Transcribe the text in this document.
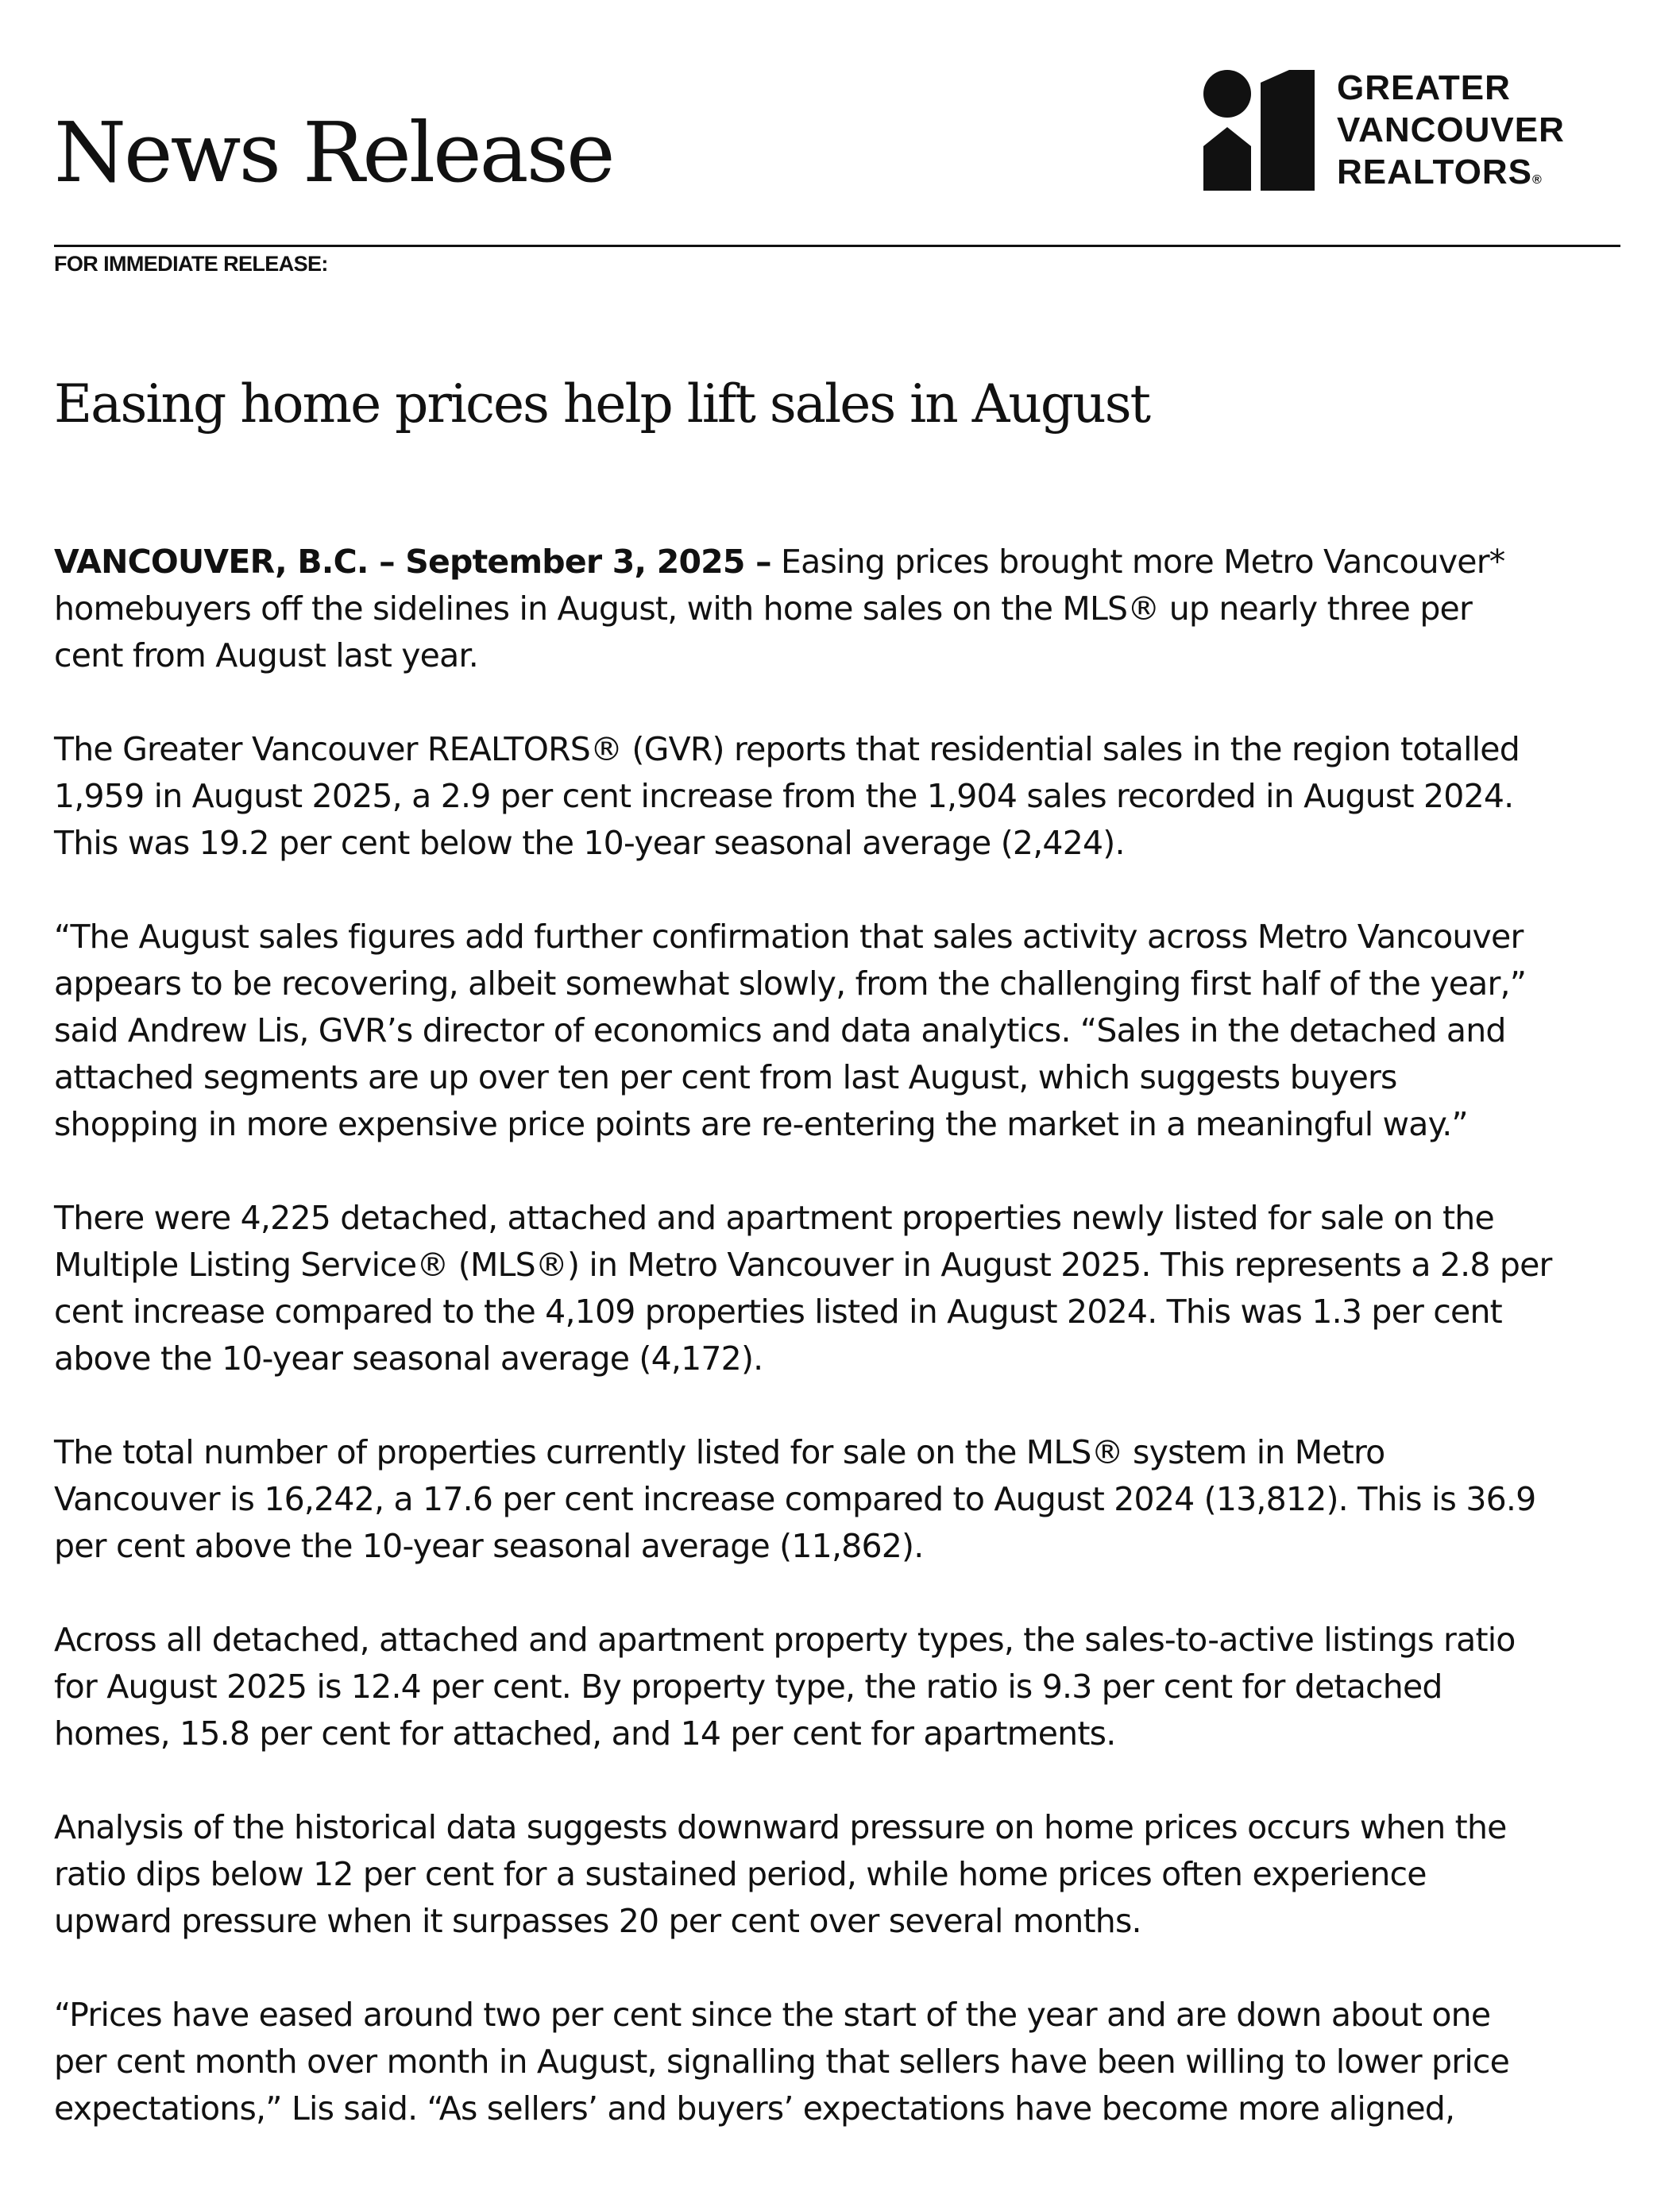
News Release
GREATER
VANCOUVER
REALTORS®
FOR IMMEDIATE RELEASE:
Easing home prices help lift sales in August
VANCOUVER, B.C. – September 3, 2025 – Easing prices brought more Metro Vancouver*
homebuyers off the sidelines in August, with home sales on the MLS® up nearly three per
cent from August last year.
The Greater Vancouver REALTORS® (GVR) reports that residential sales in the region totalled
1,959 in August 2025, a 2.9 per cent increase from the 1,904 sales recorded in August 2024.
This was 19.2 per cent below the 10-year seasonal average (2,424).
“The August sales figures add further confirmation that sales activity across Metro Vancouver
appears to be recovering, albeit somewhat slowly, from the challenging first half of the year,”
said Andrew Lis, GVR’s director of economics and data analytics. “Sales in the detached and
attached segments are up over ten per cent from last August, which suggests buyers
shopping in more expensive price points are re-entering the market in a meaningful way.”
There were 4,225 detached, attached and apartment properties newly listed for sale on the
Multiple Listing Service® (MLS®) in Metro Vancouver in August 2025. This represents a 2.8 per
cent increase compared to the 4,109 properties listed in August 2024. This was 1.3 per cent
above the 10-year seasonal average (4,172).
The total number of properties currently listed for sale on the MLS® system in Metro
Vancouver is 16,242, a 17.6 per cent increase compared to August 2024 (13,812). This is 36.9
per cent above the 10-year seasonal average (11,862).
Across all detached, attached and apartment property types, the sales-to-active listings ratio
for August 2025 is 12.4 per cent. By property type, the ratio is 9.3 per cent for detached
homes, 15.8 per cent for attached, and 14 per cent for apartments.
Analysis of the historical data suggests downward pressure on home prices occurs when the
ratio dips below 12 per cent for a sustained period, while home prices often experience
upward pressure when it surpasses 20 per cent over several months.
“Prices have eased around two per cent since the start of the year and are down about one
per cent month over month in August, signalling that sellers have been willing to lower price
expectations,” Lis said. “As sellers’ and buyers’ expectations have become more aligned,
